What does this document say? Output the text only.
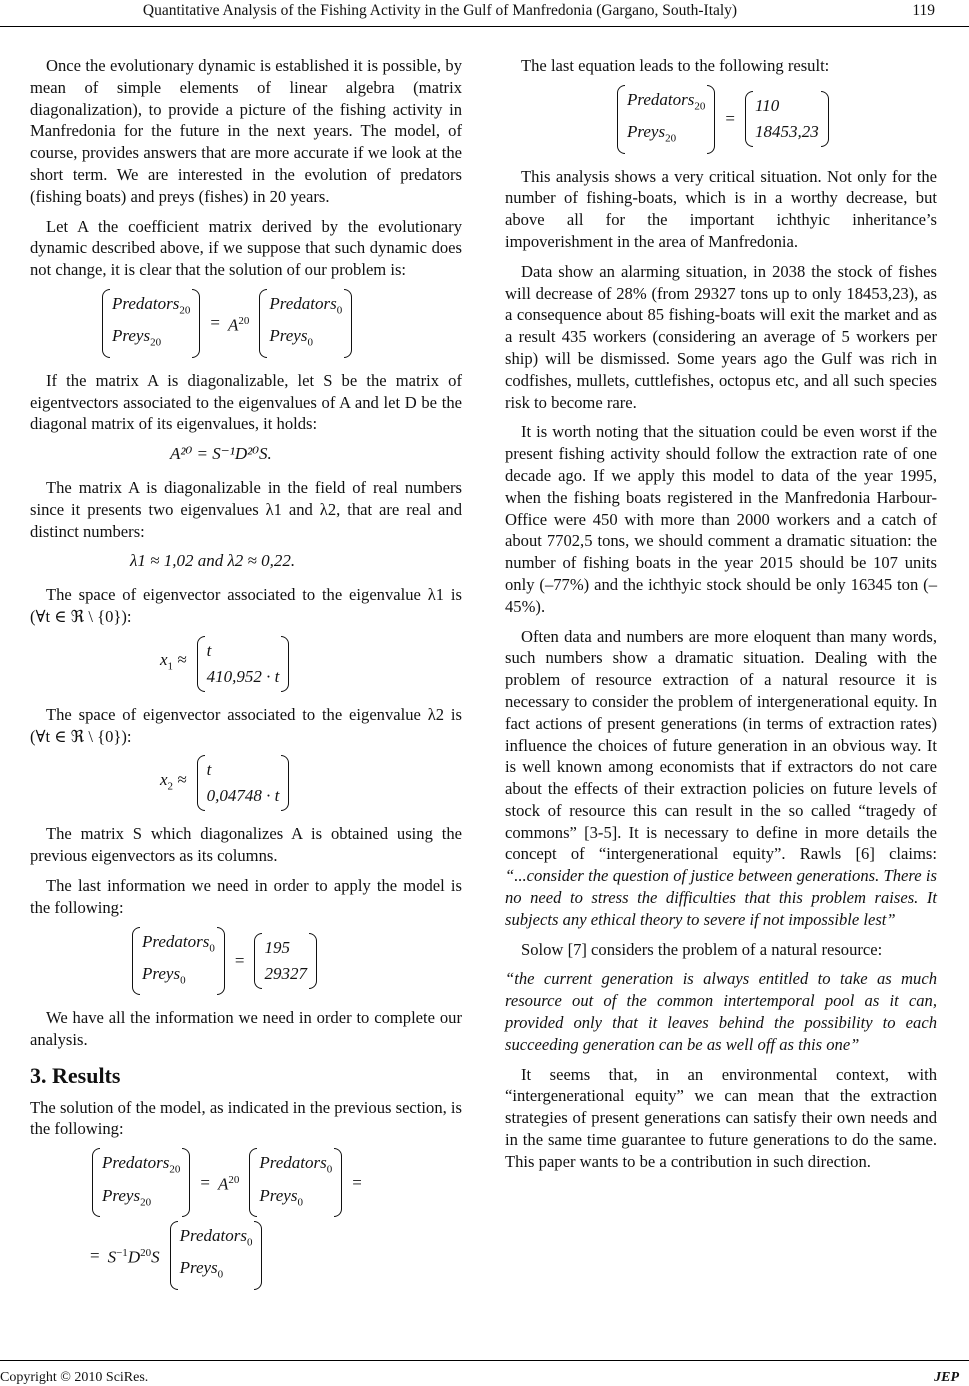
Quantitative Analysis of the Fishing Activity in the Gulf of Manfredonia (Gargano, South-Italy)	119

Once the evolutionary dynamic is established it is possible, by mean of simple elements of linear algebra (matrix diagonalization), to provide a picture of the fishing activity in Manfredonia for the future in the next years. The model, of course, provides answers that are more accurate if we look at the short term. We are interested in the evolution of predators (fishing boats) and preys (fishes) in 20 years.

Let A the coefficient matrix derived by the evolutionary dynamic described above, if we suppose that such dynamic does not change, it is clear that the solution of our problem is:

Predators$_{20}$
Preys$_{20}$
= $A^{20}$
Predators$_0$
Preys$_0$

If the matrix A is diagonalizable, let S be the matrix of eigentvectors associated to the eigenvalues of A and let D be the diagonal matrix of its eigenvalues, it holds:

A²⁰ = S⁻¹D²⁰S.

The matrix A is diagonalizable in the field of real numbers since it presents two eigenvalues λ1 and λ2, that are real and distinct numbers:

λ1 ≈ 1,02 and λ2 ≈ 0,22.

The space of eigenvector associated to the eigenvalue λ1 is (∀t ∈ ℜ \ {0}):

$x_1 \approx t$
410,952 · t

The space of eigenvector associated to the eigenvalue λ2 is (∀t ∈ ℜ \ {0}):

$x_2 \approx t$
0,04748 · t

The matrix S which diagonalizes A is obtained using the previous eigenvectors as its columns.

The last information we need in order to apply the model is the following:

Predators$_0$
Preys$_0$
=
195
29327

We have all the information we need in order to complete our analysis.

3. Results

The solution of the model, as indicated in the previous section, is the following:

Predators$_{20}$
Preys$_{20}$
= $A^{20}$
Predators$_0$
Preys$_0$
=
= $S^{-1}D^{20}S$
Predators$_0$
Preys$_0$

The last equation leads to the following result:

Predators$_{20}$
Preys$_{20}$
=
110
18453,23

This analysis shows a very critical situation. Not only for the number of fishing-boats, which is in a worthy decrease, but above all for the important ichthyic inheritance’s impoverishment in the area of Manfredonia.

Data show an alarming situation, in 2038 the stock of fishes will decrease of 28% (from 29327 tons up to only 18453,23), as a consequence about 85 fishing-boats will exit the market and as a result 435 workers (considering an average of 5 workers per ship) will be dismissed. Some years ago the Gulf was rich in codfishes, mullets, cuttlefishes, octopus etc, and all such species risk to become rare.

It is worth noting that the situation could be even worst if the present fishing activity should follow the extraction rate of one decade ago. If we apply this model to data of the year 1995, when the fishing boats registered in the Manfredonia Harbour-Office were 450 with more than 2000 workers and a catch of about 7702,5 tons, we should comment a dramatic situation: the number of fishing boats in the year 2015 should be 107 units only (–77%) and the ichthyic stock should be only 16345 ton (–45%).

Often data and numbers are more eloquent than many words, such numbers show a dramatic situation. Dealing with the problem of resource extraction of a natural resource it is necessary to consider the problem of intergenerational equity. In fact actions of present generations (in terms of extraction rates) influence the choices of future generation in an obvious way. It is well known among economists that if extractors do not care about the effects of their extraction policies on future levels of stock of resource this can result in the so called “tragedy of commons” [3-5]. It is necessary to define in more details the concept of “intergenerational equity”. Rawls [6] claims: “...consider the question of justice between generations. There is no need to stress the difficulties that this problem raises. It subjects any ethical theory to severe if not impossible lest”

Solow [7] considers the problem of a natural resource:

“the current generation is always entitled to take as much resource out of the common intertemporal pool as it can, provided only that it leaves behind the possibility to each succeeding generation can be as well off as this one”

It seems that, in an environmental context, with “intergenerational equity” we can mean that the extraction strategies of present generations can satisfy their own needs and in the same time guarantee to future generations to do the same. This paper wants to be a contribution in such direction.

Copyright © 2010 SciRes.	JEP
